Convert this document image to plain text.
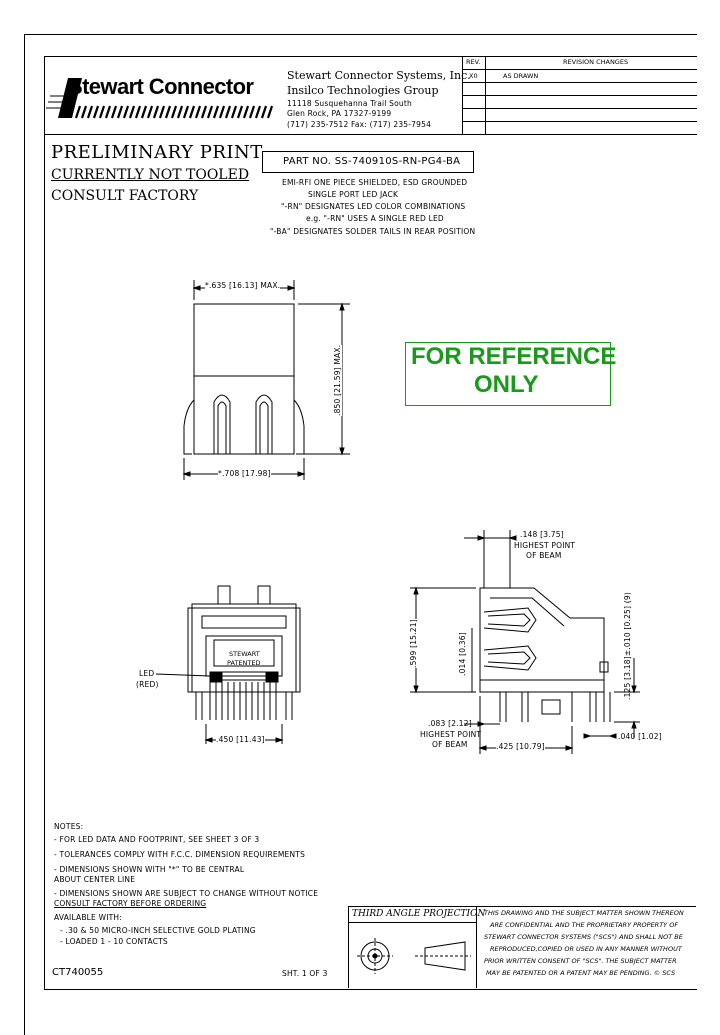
Stewart Connector	Stewart Connector Systems, Inc.
Insilco Technologies Group
11118 Susquehanna Trail South
Glen Rock, PA 17327-9199
(717) 235-7512 Fax: (717) 235-7954
REV.	REVISION CHANGES
X0	AS DRAWN
PRELIMINARY PRINT
CURRENTLY NOT TOOLED
CONSULT FACTORY
PART NO. SS-740910S-RN-PG4-BA
EMI-RFI ONE PIECE SHIELDED, ESD GROUNDED
SINGLE PORT LED JACK
"-RN" DESIGNATES LED COLOR COMBINATIONS
e.g. "-RN" USES A SINGLE RED LED
"-BA" DESIGNATES SOLDER TAILS IN REAR POSITION
FOR REFERENCE
ONLY
*.635 [16.13] MAX.
*.708 [17.98]
.850 [21.59] MAX.
STEWART
PATENTED
LED
(RED)
.450 [11.43]
.148 [3.75]
HIGHEST POINT
OF BEAM
.599 [15.21]	.014 [0.36]	.125 [3.18]±.010 [0.25] (9)
.083 [2.12]
HIGHEST POINT
OF BEAM	.425 [10.79]
.040 [1.02]
NOTES:
- FOR LED DATA AND FOOTPRINT, SEE SHEET 3 OF 3
- TOLERANCES COMPLY WITH F.C.C. DIMENSION REQUIREMENTS
- DIMENSIONS SHOWN WITH "*" TO BE CENTRAL
ABOUT CENTER LINE
- DIMENSIONS SHOWN ARE SUBJECT TO CHANGE WITHOUT NOTICE
CONSULT FACTORY BEFORE ORDERING
AVAILABLE WITH:
- .30 & 50 MICRO-INCH SELECTIVE GOLD PLATING
- LOADED 1 - 10 CONTACTS
THIRD ANGLE PROJECTION
THIS DRAWING AND THE SUBJECT MATTER SHOWN THEREON
ARE CONFIDENTIAL AND THE PROPRIETARY PROPERTY OF
STEWART CONNECTOR SYSTEMS ("SCS") AND SHALL NOT BE
REPRODUCED,COPIED OR USED IN ANY MANNER WITHOUT
PRIOR WRITTEN CONSENT OF "SCS". THE SUBJECT MATTER
MAY BE PATENTED OR A PATENT MAY BE PENDING. © SCS
CT740055	SHT. 1 OF 3
